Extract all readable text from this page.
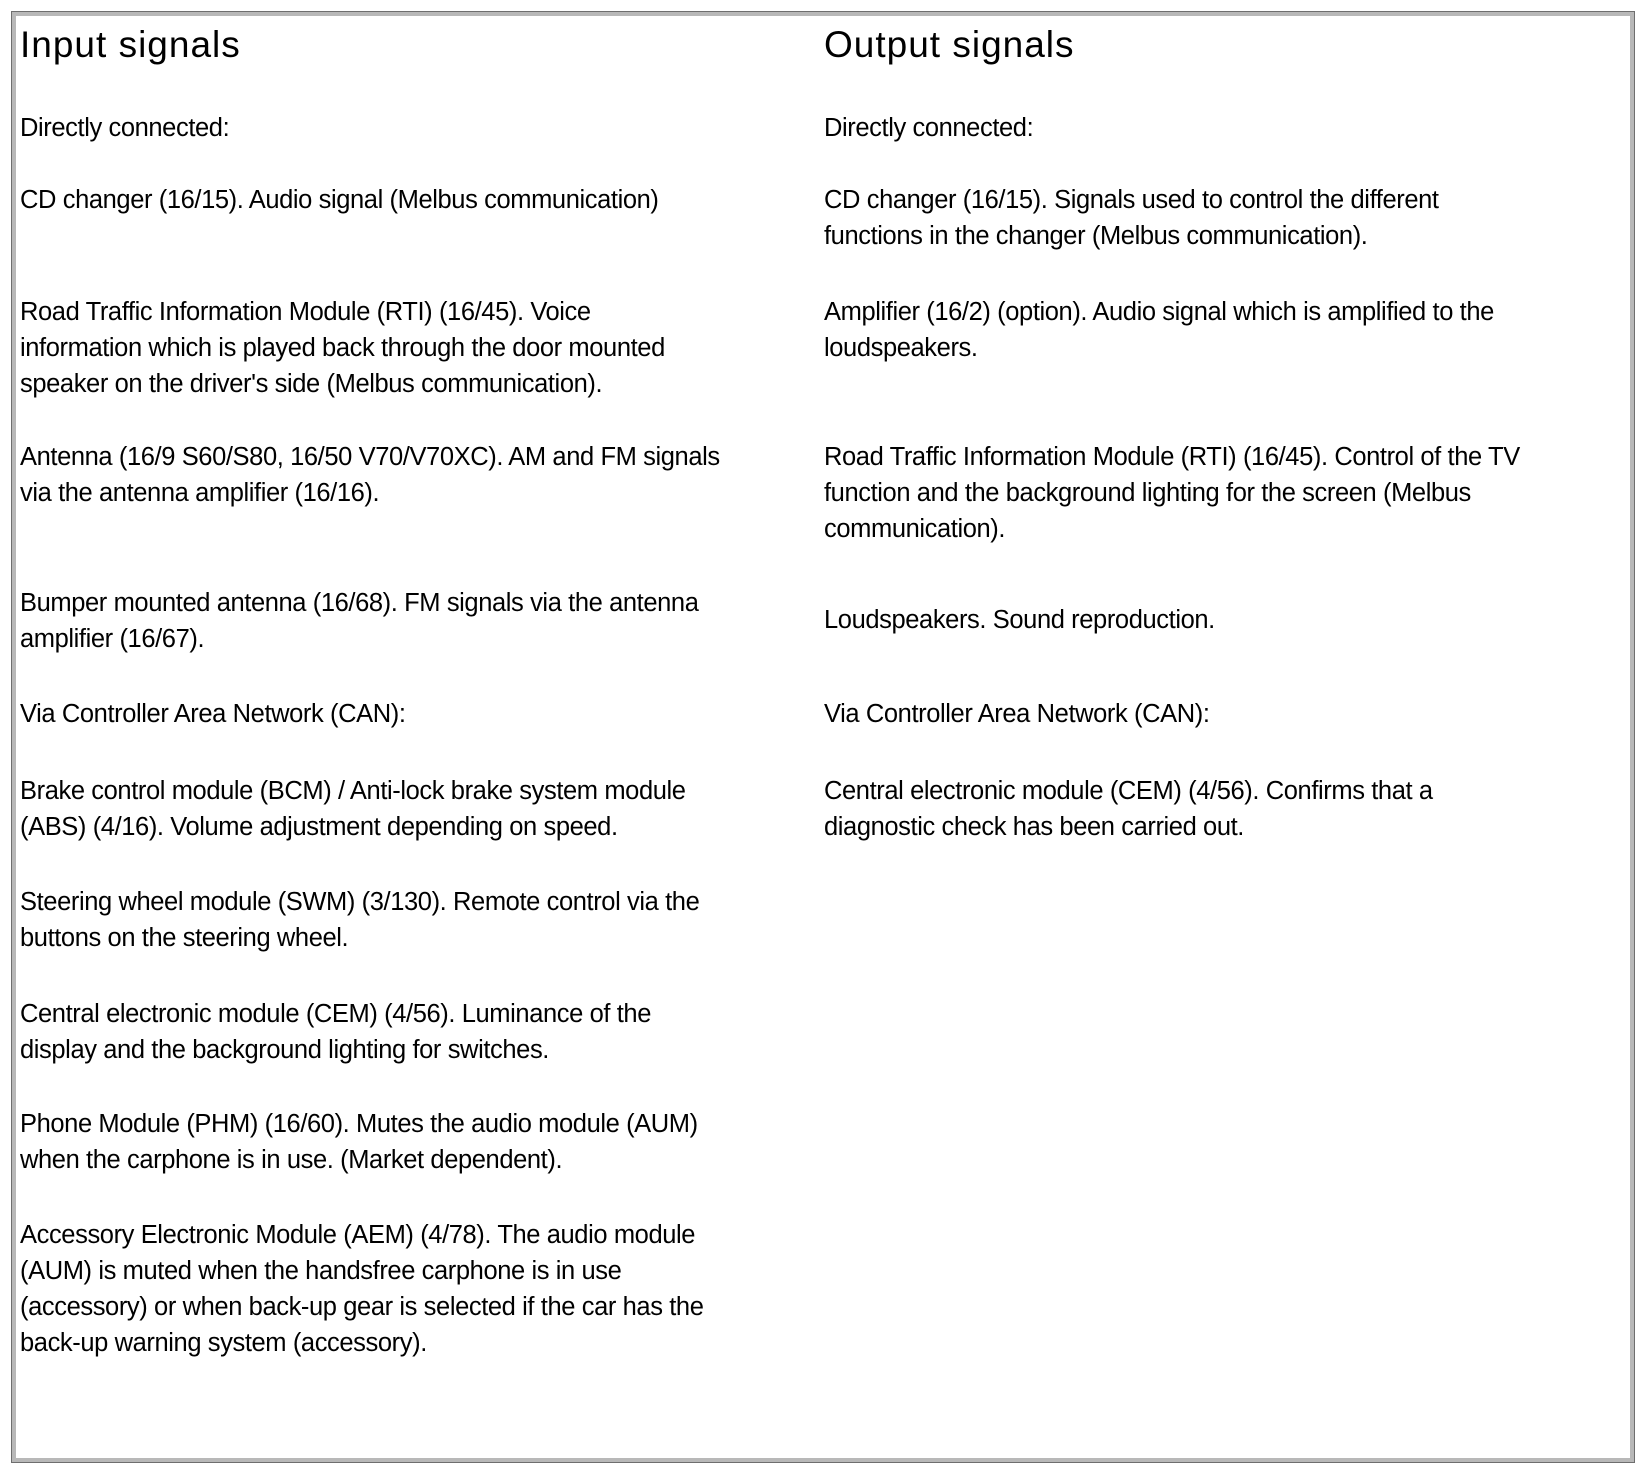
Input signals

Directly connected:

CD changer (16/15). Audio signal (Melbus communication)

Road Traffic Information Module (RTI) (16/45). Voice
information which is played back through the door mounted
speaker on the driver's side (Melbus communication).

Antenna (16/9 S60/S80, 16/50 V70/V70XC). AM and FM signals
via the antenna amplifier (16/16).

Bumper mounted antenna (16/68). FM signals via the antenna
amplifier (16/67).

Via Controller Area Network (CAN):

Brake control module (BCM) / Anti-lock brake system module
(ABS) (4/16). Volume adjustment depending on speed.

Steering wheel module (SWM) (3/130). Remote control via the
buttons on the steering wheel.

Central electronic module (CEM) (4/56). Luminance of the
display and the background lighting for switches.

Phone Module (PHM) (16/60). Mutes the audio module (AUM)
when the carphone is in use. (Market dependent).

Accessory Electronic Module (AEM) (4/78). The audio module
(AUM) is muted when the handsfree carphone is in use
(accessory) or when back-up gear is selected if the car has the
back-up warning system (accessory).

Output signals

Directly connected:

CD changer (16/15). Signals used to control the different
functions in the changer (Melbus communication).

Amplifier (16/2) (option). Audio signal which is amplified to the
loudspeakers.

Road Traffic Information Module (RTI) (16/45). Control of the TV
function and the background lighting for the screen (Melbus
communication).

Loudspeakers. Sound reproduction.

Via Controller Area Network (CAN):

Central electronic module (CEM) (4/56). Confirms that a
diagnostic check has been carried out.
